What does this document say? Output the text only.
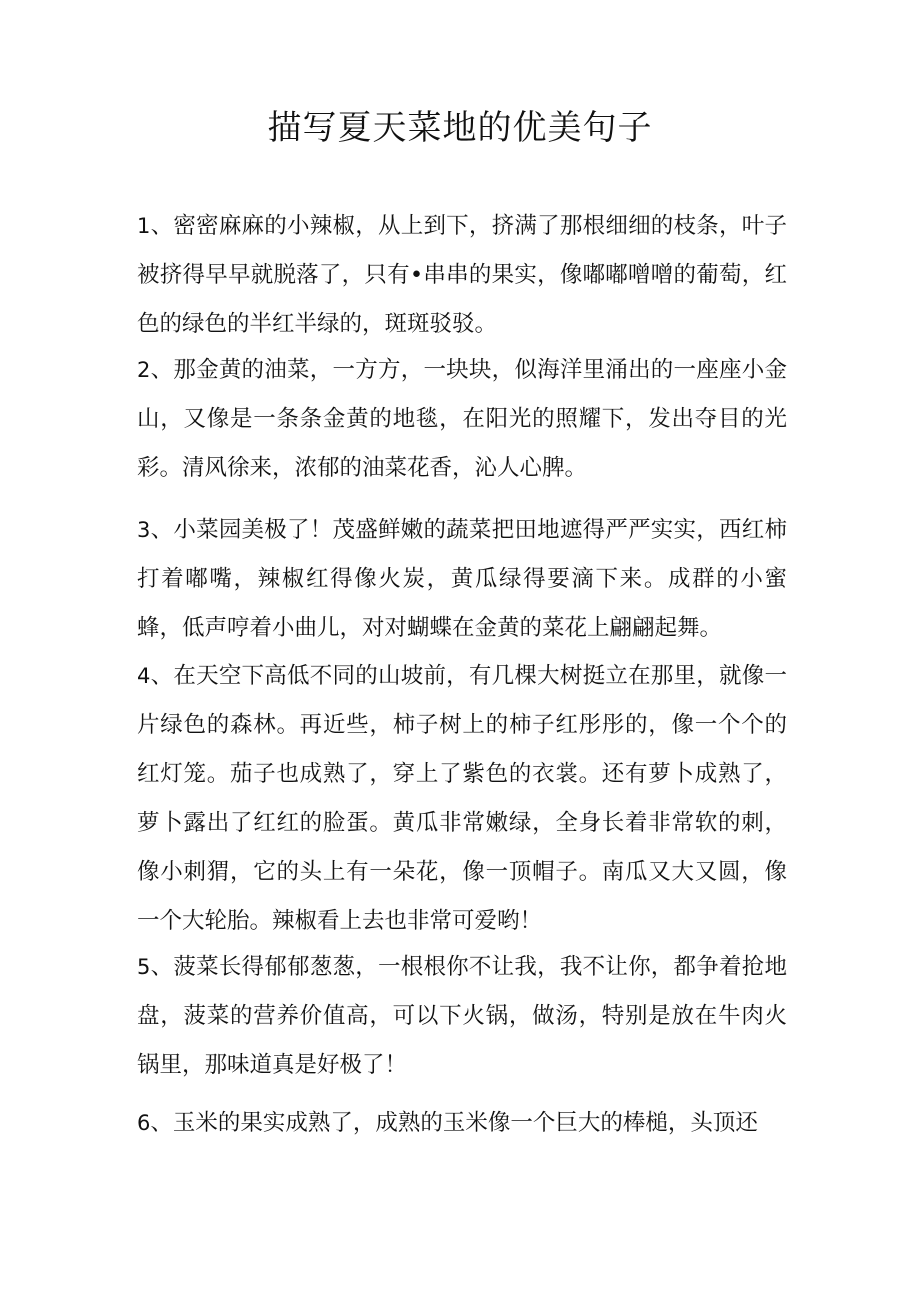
描写夏天菜地的优美句子

1、密密麻麻的小辣椒，从上到下，挤满了那根细细的枝条，叶子被挤得早早就脱落了，只有•串串的果实，像嘟嘟噌噌的葡萄，红色的绿色的半红半绿的，斑斑驳驳。

2、那金黄的油菜，一方方，一块块，似海洋里涌出的一座座小金山，又像是一条条金黄的地毯，在阳光的照耀下，发出夺目的光彩。清风徐来，浓郁的油菜花香，沁人心脾。

3、小菜园美极了！茂盛鲜嫩的蔬菜把田地遮得严严实实，西红柿打着嘟嘴，辣椒红得像火炭，黄瓜绿得要滴下来。成群的小蜜蜂，低声哼着小曲儿，对对蝴蝶在金黄的菜花上翩翩起舞。

4、在天空下高低不同的山坡前，有几棵大树挺立在那里，就像一片绿色的森林。再近些，柿子树上的柿子红彤彤的，像一个个的红灯笼。茄子也成熟了，穿上了紫色的衣裳。还有萝卜成熟了，萝卜露出了红红的脸蛋。黄瓜非常嫩绿，全身长着非常软的刺，像小刺猬，它的头上有一朵花，像一顶帽子。南瓜又大又圆，像一个大轮胎。辣椒看上去也非常可爱哟！

5、菠菜长得郁郁葱葱，一根根你不让我，我不让你，都争着抢地盘，菠菜的营养价值高，可以下火锅，做汤，特别是放在牛肉火锅里，那味道真是好极了！

6、玉米的果实成熟了，成熟的玉米像一个巨大的棒槌，头顶还
